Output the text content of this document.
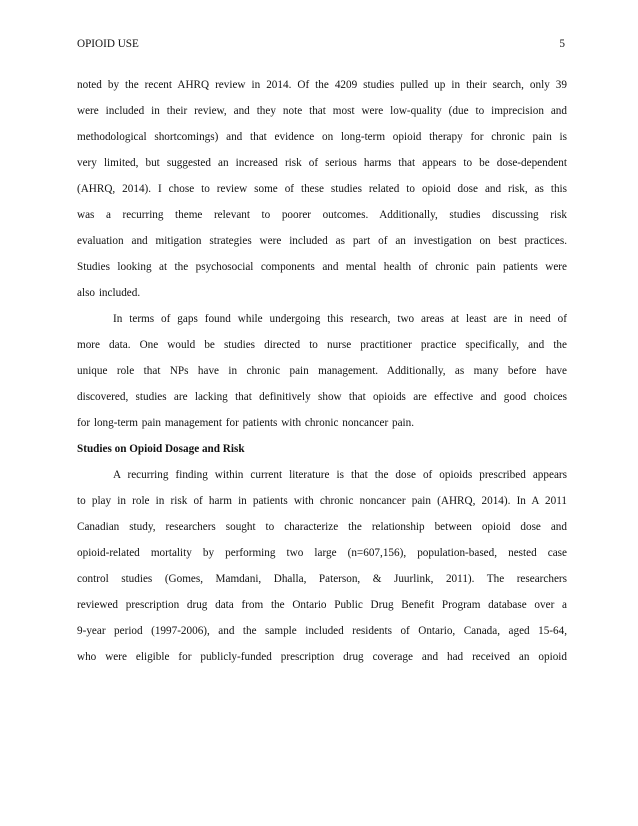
OPIOID USE	5
noted by the recent AHRQ review in 2014. Of the 4209 studies pulled up in their search, only 39
were included in their review, and they note that most were low-quality (due to imprecision and
methodological shortcomings) and that evidence on long-term opioid therapy for chronic pain is
very limited, but suggested an increased risk of serious harms that appears to be dose-dependent
(AHRQ, 2014). I chose to review some of these studies related to opioid dose and risk, as this
was a recurring theme relevant to poorer outcomes. Additionally, studies discussing risk
evaluation and mitigation strategies were included as part of an investigation on best practices.
Studies looking at the psychosocial components and mental health of chronic pain patients were
also included.
In terms of gaps found while undergoing this research, two areas at least are in need of
more data. One would be studies directed to nurse practitioner practice specifically, and the
unique role that NPs have in chronic pain management. Additionally, as many before have
discovered, studies are lacking that definitively show that opioids are effective and good choices
for long-term pain management for patients with chronic noncancer pain.
Studies on Opioid Dosage and Risk
A recurring finding within current literature is that the dose of opioids prescribed appears
to play in role in risk of harm in patients with chronic noncancer pain (AHRQ, 2014). In A 2011
Canadian study, researchers sought to characterize the relationship between opioid dose and
opioid-related mortality by performing two large (n=607,156), population-based, nested case
control studies (Gomes, Mamdani, Dhalla, Paterson, & Juurlink, 2011). The researchers
reviewed prescription drug data from the Ontario Public Drug Benefit Program database over a
9-year period (1997-2006), and the sample included residents of Ontario, Canada, aged 15-64,
who were eligible for publicly-funded prescription drug coverage and had received an opioid
